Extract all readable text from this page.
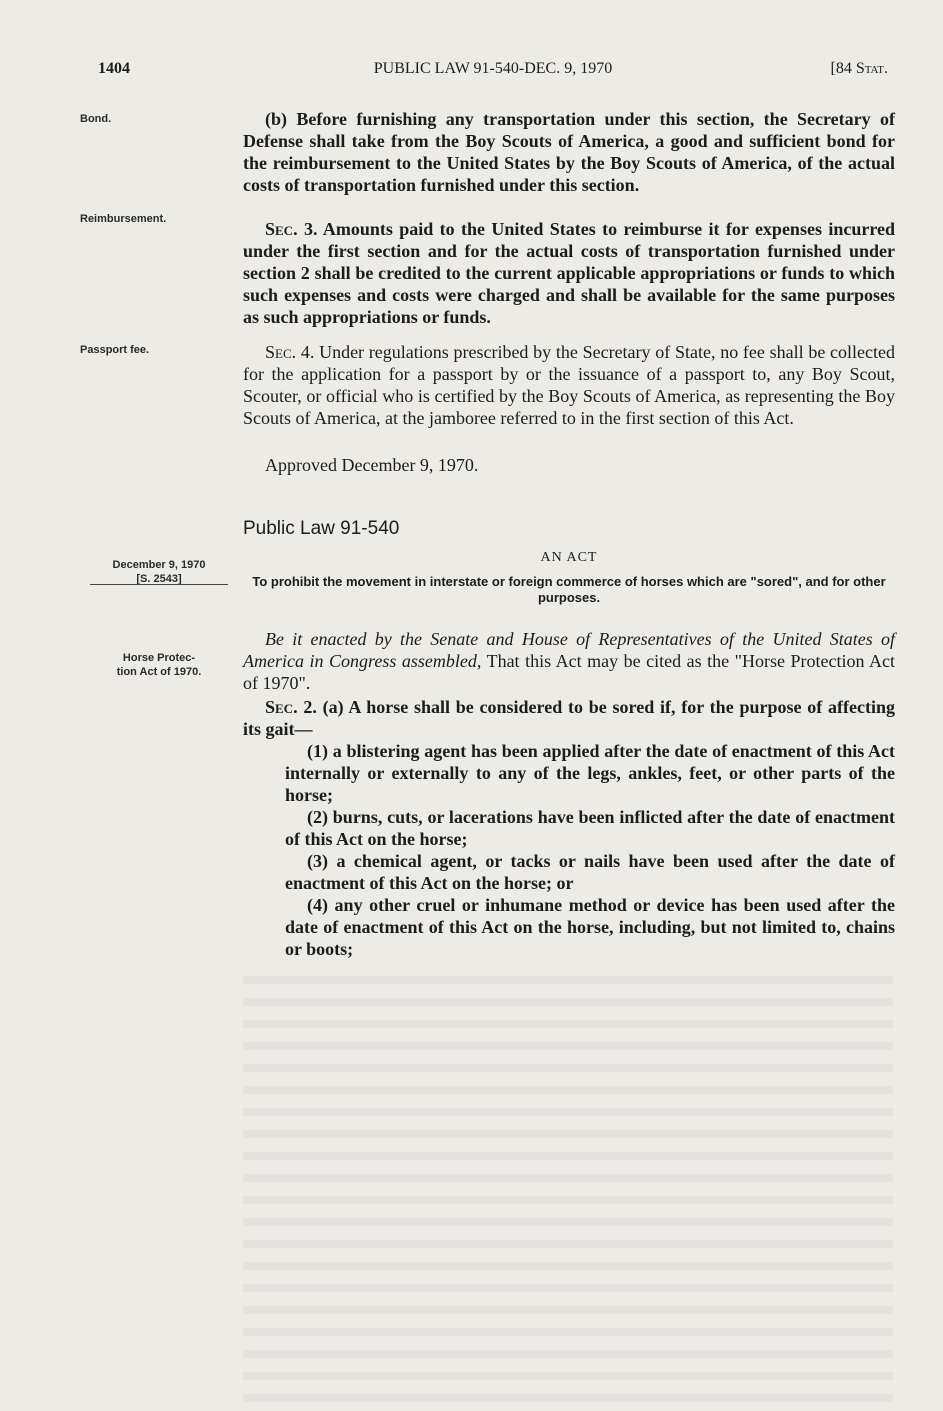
1404	PUBLIC LAW 91-540-DEC. 9, 1970	[84 Stat.
Bond.
Reimbursement.
Passport fee.
December 9, 1970
[S. 2543]
Horse Protec-
tion Act of 1970.

(b) Before furnishing any transportation under this section, the Secretary of Defense shall take from the Boy Scouts of America, a good and sufficient bond for the reimbursement to the United States by the Boy Scouts of America, of the actual costs of transportation furnished under this section.

Sec. 3. Amounts paid to the United States to reimburse it for expenses incurred under the first section and for the actual costs of transportation furnished under section 2 shall be credited to the current applicable appropriations or funds to which such expenses and costs were charged and shall be available for the same purposes as such appropriations or funds.

Sec. 4. Under regulations prescribed by the Secretary of State, no fee shall be collected for the application for a passport by or the issuance of a passport to, any Boy Scout, Scouter, or official who is certified by the Boy Scouts of America, as representing the Boy Scouts of America, at the jamboree referred to in the first section of this Act.

Approved December 9, 1970.
Public Law 91-540
AN ACT
To prohibit the movement in interstate or foreign commerce of horses which are "sored", and for other purposes.

Be it enacted by the Senate and House of Representatives of the United States of America in Congress assembled, That this Act may be cited as the "Horse Protection Act of 1970".

Sec. 2. (a) A horse shall be considered to be sored if, for the purpose of affecting its gait—

(1) a blistering agent has been applied after the date of enactment of this Act internally or externally to any of the legs, ankles, feet, or other parts of the horse;

(2) burns, cuts, or lacerations have been inflicted after the date of enactment of this Act on the horse;

(3) a chemical agent, or tacks or nails have been used after the date of enactment of this Act on the horse; or

(4) any other cruel or inhumane method or device has been used after the date of enactment of this Act on the horse, including, but not limited to, chains or boots;
